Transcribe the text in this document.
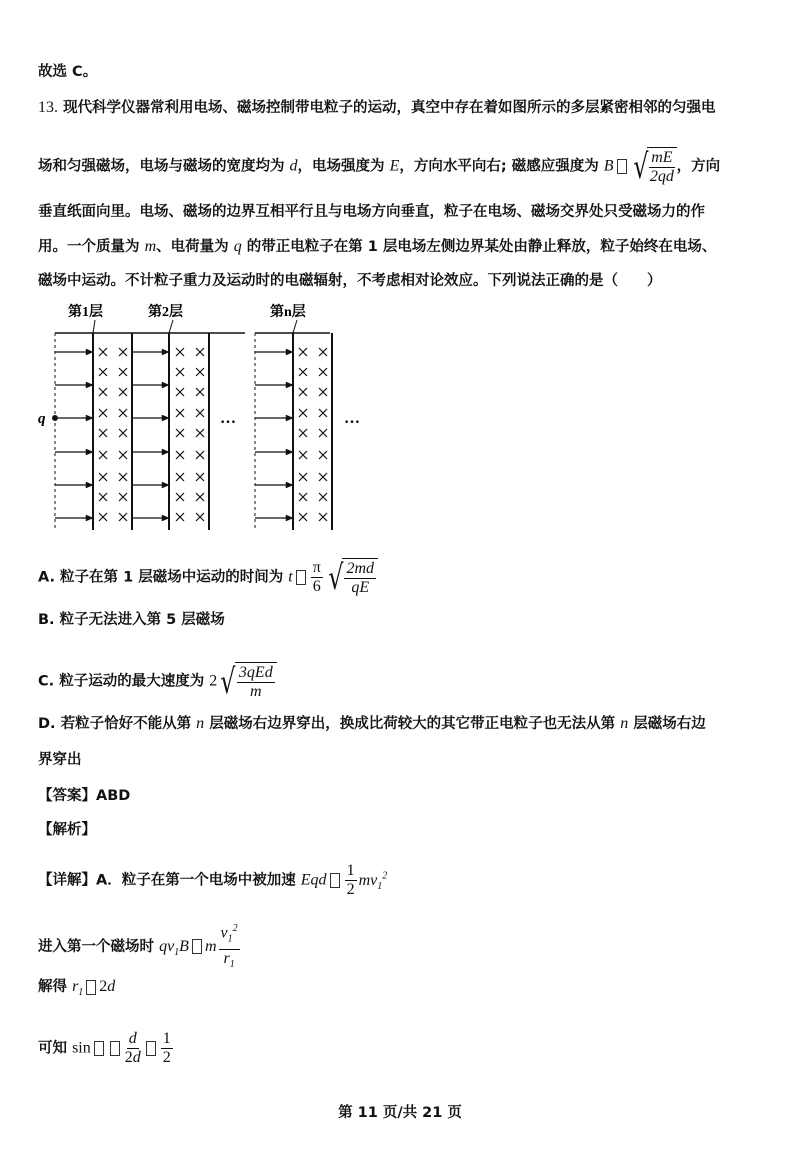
故选 C。
13. 现代科学仪器常利用电场、磁场控制带电粒子的运动，真空中存在着如图所示的多层紧密相邻的匀强电
场和匀强磁场，电场与磁场的宽度均为 d，电场强度为 E，方向水平向右; 磁感应强度为 B √ $\frac{mE}{2qd}$ ，方向
垂直纸面向里。电场、磁场的边界互相平行且与电场方向垂直，粒子在电场、磁场交界处只受磁场力的作
用。一个质量为 m、电荷量为 q 的带正电粒子在第 1 层电场左侧边界某处由静止释放，粒子始终在电场、
磁场中运动。不计粒子重力及运动时的电磁辐射，不考虑相对论效应。下列说法正确的是（　　）
第1层	第2层	第n层
q	…	…
A. 粒子在第 1 层磁场中运动的时间为 t $\frac{\pi}{6}$ √ $\frac{2md}{qE}$
B. 粒子无法进入第 5 层磁场
C. 粒子运动的最大速度为 2 √ $\frac{\text{3qEd}}{m}$
D. 若粒子恰好不能从第 n 层磁场右边界穿出，换成比荷较大的其它带正电粒子也无法从第 n 层磁场右边
界穿出
【答案】ABD
【解析】
【详解】A．粒子在第一个电场中被加速 Eqd $\frac{1}{2} mv_1^2$
进入第一个磁场时 $qv_1B$ m $\frac{v_1^2}{r_1}$
解得 $r_1$ 2d
可知 $\sin \frac{d}{2d} \frac{1}{2}$
第 11 页/共 21 页
